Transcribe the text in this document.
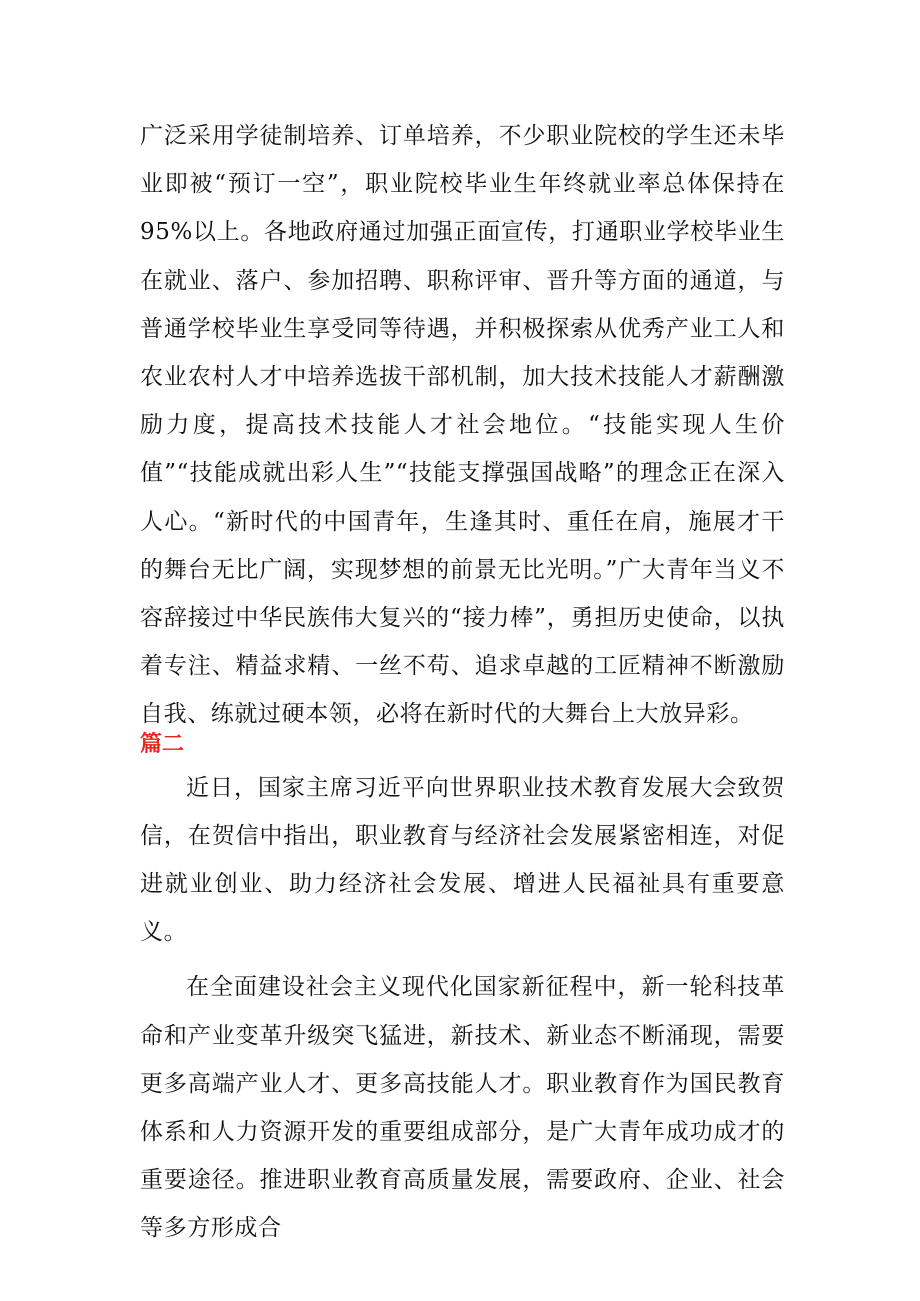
广泛采用学徒制培养、订单培养，不少职业院校的学生还未毕业即被“预订一空”，职业院校毕业生年终就业率总体保持在 95%以上。各地政府通过加强正面宣传，打通职业学校毕业生在就业、落户、参加招聘、职称评审、晋升等方面的通道，与普通学校毕业生享受同等待遇，并积极探索从优秀产业工人和农业农村人才中培养选拔干部机制，加大技术技能人才薪酬激励力度，提高技术技能人才社会地位。“技能实现人生价值”“技能成就出彩人生”“技能支撑强国战略”的理念正在深入人心。“新时代的中国青年，生逢其时、重任在肩，施展才干的舞台无比广阔，实现梦想的前景无比光明。”广大青年当义不容辞接过中华民族伟大复兴的“接力棒”，勇担历史使命，以执着专注、精益求精、一丝不苟、追求卓越的工匠精神不断激励自我、练就过硬本领，必将在新时代的大舞台上大放异彩。

篇二

近日，国家主席习近平向世界职业技术教育发展大会致贺信，在贺信中指出，职业教育与经济社会发展紧密相连，对促进就业创业、助力经济社会发展、增进人民福祉具有重要意义。

在全面建设社会主义现代化国家新征程中，新一轮科技革命和产业变革升级突飞猛进，新技术、新业态不断涌现，需要更多高端产业人才、更多高技能人才。职业教育作为国民教育体系和人力资源开发的重要组成部分，是广大青年成功成才的重要途径。推进职业教育高质量发展，需要政府、企业、社会等多方形成合
